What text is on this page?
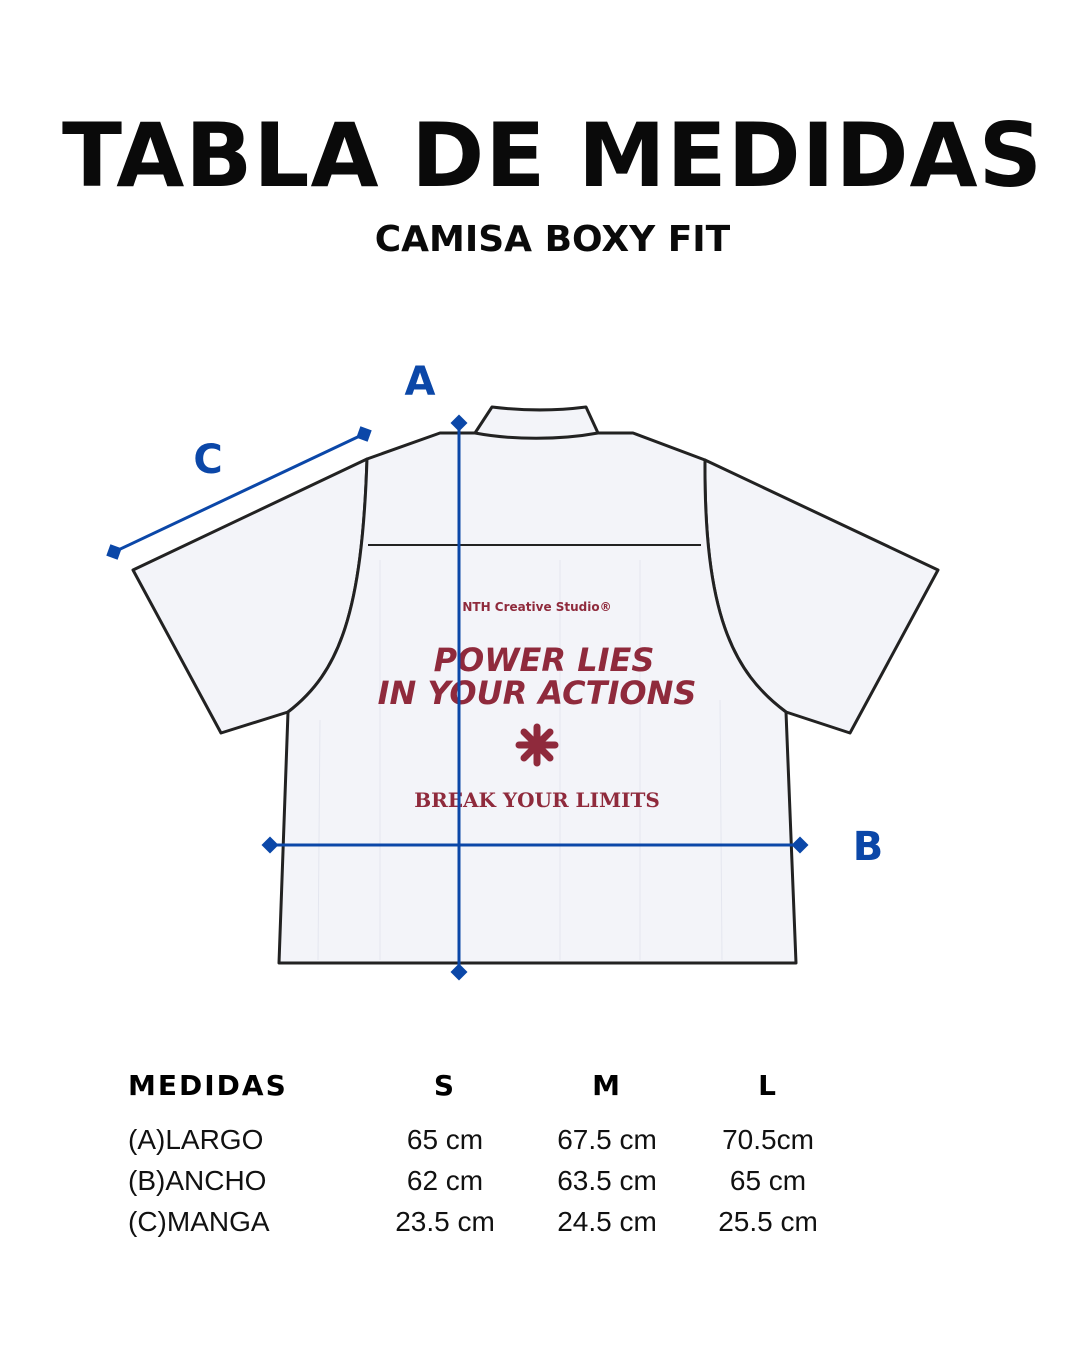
TABLA DE MEDIDAS
CAMISA BOXY FIT
NTH Creative Studio®
POWER LIES
IN YOUR ACTIONS
BREAK YOUR LIMITS
A
B
C
MEDIDAS	S	M	L
(A)LARGO	65 cm	67.5 cm	70.5cm
(B)ANCHO	62 cm	63.5 cm	65 cm
(C)MANGA	23.5 cm	24.5 cm	25.5 cm
